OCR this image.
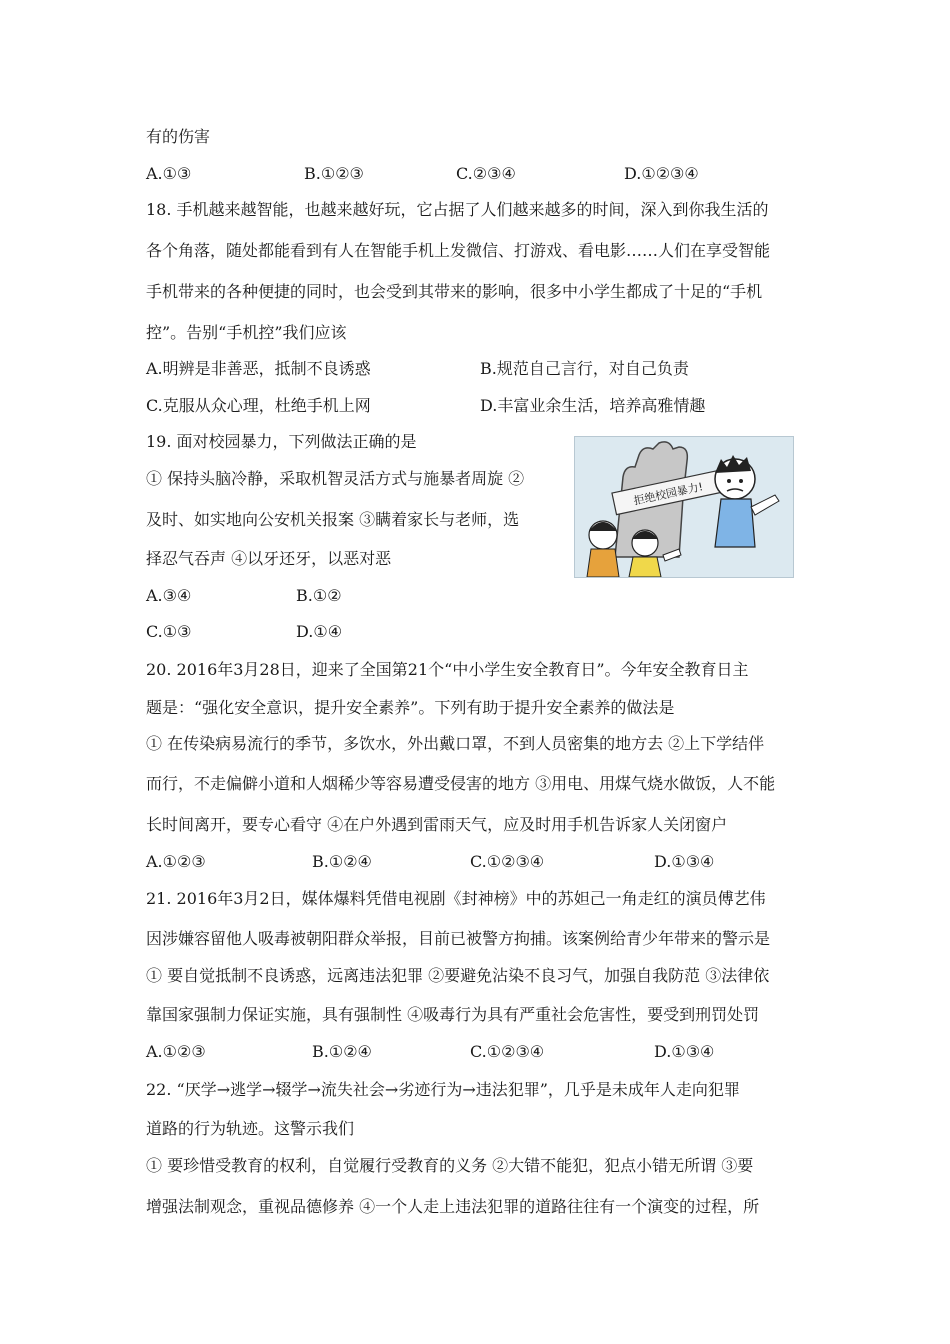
有的伤害
A.①③	B.①②③	C.②③④	D.①②③④
18. 手机越来越智能，也越来越好玩，它占据了人们越来越多的时间，深入到你我生活的
各个角落，随处都能看到有人在智能手机上发微信、打游戏、看电影……人们在享受智能
手机带来的各种便捷的同时，也会受到其带来的影响，很多中小学生都成了十足的“手机
控”。告别“手机控”我们应该
A.明辨是非善恶，抵制不良诱惑	B.规范自己言行，对自己负责
C.克服从众心理，杜绝手机上网	D.丰富业余生活，培养高雅情趣
19. 面对校园暴力，下列做法正确的是
① 保持头脑冷静，采取机智灵活方式与施暴者周旋 ②
及时、如实地向公安机关报案 ③瞒着家长与老师，选
择忍气吞声 ④以牙还牙，以恶对恶
A.③④	B.①②
C.①③	D.①④
拒绝校园暴力!
20. 2016年3月28日，迎来了全国第21个“中小学生安全教育日”。今年安全教育日主
题是：“强化安全意识，提升安全素养”。下列有助于提升安全素养的做法是
① 在传染病易流行的季节，多饮水，外出戴口罩，不到人员密集的地方去 ②上下学结伴
而行，不走偏僻小道和人烟稀少等容易遭受侵害的地方 ③用电、用煤气烧水做饭，人不能
长时间离开，要专心看守 ④在户外遇到雷雨天气，应及时用手机告诉家人关闭窗户
A.①②③	B.①②④	C.①②③④	D.①③④
21. 2016年3月2日，媒体爆料凭借电视剧《封神榜》中的苏妲己一角走红的演员傅艺伟
因涉嫌容留他人吸毒被朝阳群众举报，目前已被警方拘捕。该案例给青少年带来的警示是
① 要自觉抵制不良诱惑，远离违法犯罪 ②要避免沾染不良习气，加强自我防范 ③法律依
靠国家强制力保证实施，具有强制性 ④吸毒行为具有严重社会危害性，要受到刑罚处罚
A.①②③	B.①②④	C.①②③④	D.①③④
22. “厌学→逃学→辍学→流失社会→劣迹行为→违法犯罪”，几乎是未成年人走向犯罪
道路的行为轨迹。这警示我们
① 要珍惜受教育的权利，自觉履行受教育的义务 ②大错不能犯，犯点小错无所谓 ③要
增强法制观念，重视品德修养 ④一个人走上违法犯罪的道路往往有一个演变的过程，所
